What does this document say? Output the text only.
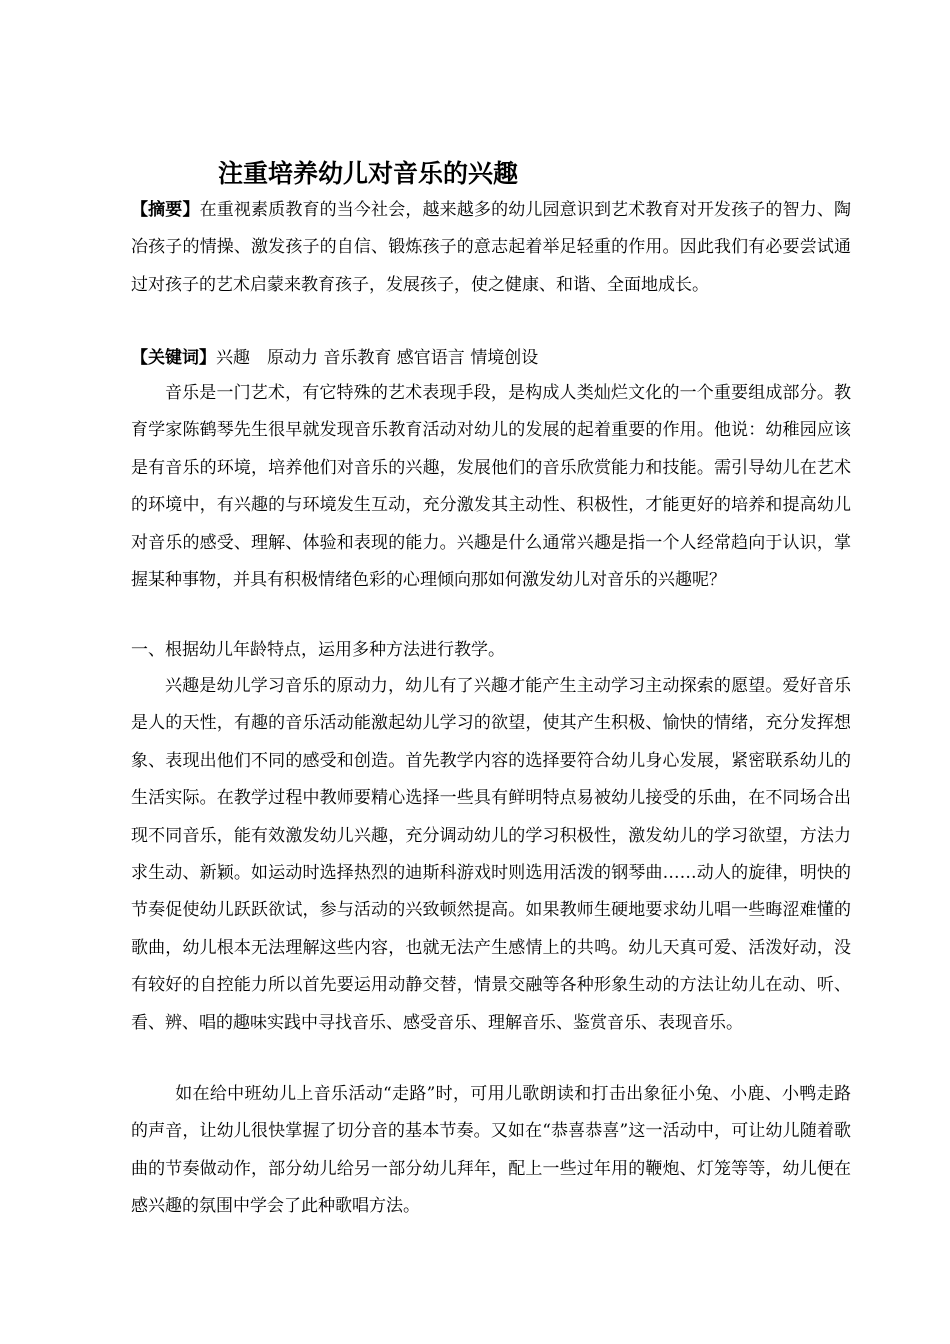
注重培养幼儿对音乐的兴趣

【摘要】在重视素质教育的当今社会，越来越多的幼儿园意识到艺术教育对开发孩子的智力、陶冶孩子的情操、激发孩子的自信、锻炼孩子的意志起着举足轻重的作用。因此我们有必要尝试通过对孩子的艺术启蒙来教育孩子，发展孩子，使之健康、和谐、全面地成长。

【关键词】兴趣　原动力 音乐教育 感官语言 情境创设

音乐是一门艺术，有它特殊的艺术表现手段，是构成人类灿烂文化的一个重要组成部分。教育学家陈鹤琴先生很早就发现音乐教育活动对幼儿的发展的起着重要的作用。他说：幼稚园应该是有音乐的环境，培养他们对音乐的兴趣，发展他们的音乐欣赏能力和技能。需引导幼儿在艺术的环境中，有兴趣的与环境发生互动，充分激发其主动性、积极性，才能更好的培养和提高幼儿对音乐的感受、理解、体验和表现的能力。兴趣是什么通常兴趣是指一个人经常趋向于认识，掌握某种事物，并具有积极情绪色彩的心理倾向那如何激发幼儿对音乐的兴趣呢？

一、根据幼儿年龄特点，运用多种方法进行教学。

兴趣是幼儿学习音乐的原动力，幼儿有了兴趣才能产生主动学习主动探索的愿望。爱好音乐是人的天性，有趣的音乐活动能激起幼儿学习的欲望，使其产生积极、愉快的情绪，充分发挥想象、表现出他们不同的感受和创造。首先教学内容的选择要符合幼儿身心发展，紧密联系幼儿的生活实际。在教学过程中教师要精心选择一些具有鲜明特点易被幼儿接受的乐曲，在不同场合出现不同音乐，能有效激发幼儿兴趣，充分调动幼儿的学习积极性，激发幼儿的学习欲望，方法力求生动、新颖。如运动时选择热烈的迪斯科游戏时则选用活泼的钢琴曲……动人的旋律，明快的节奏促使幼儿跃跃欲试，参与活动的兴致顿然提高。如果教师生硬地要求幼儿唱一些晦涩难懂的歌曲，幼儿根本无法理解这些内容，也就无法产生感情上的共鸣。幼儿天真可爱、活泼好动，没有较好的自控能力所以首先要运用动静交替，情景交融等各种形象生动的方法让幼儿在动、听、看、辨、唱的趣味实践中寻找音乐、感受音乐、理解音乐、鉴赏音乐、表现音乐。

如在给中班幼儿上音乐活动“走路”时，可用儿歌朗读和打击出象征小兔、小鹿、小鸭走路的声音，让幼儿很快掌握了切分音的基本节奏。又如在“恭喜恭喜”这一活动中，可让幼儿随着歌曲的节奏做动作，部分幼儿给另一部分幼儿拜年，配上一些过年用的鞭炮、灯笼等等，幼儿便在感兴趣的氛围中学会了此种歌唱方法。
